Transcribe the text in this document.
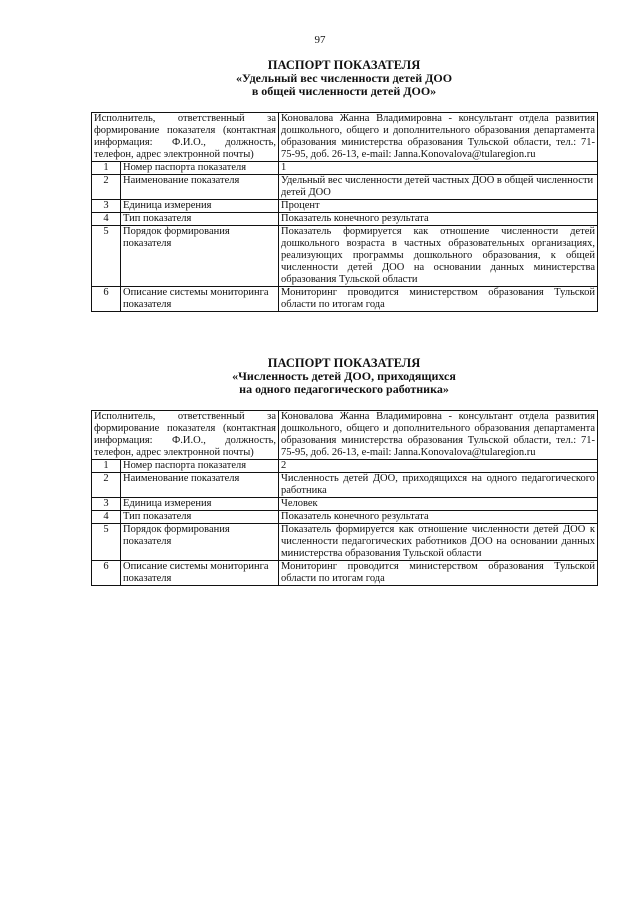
97
ПАСПОРТ ПОКАЗАТЕЛЯ
«Удельный вес численности детей ДОО
в общей численности детей ДОО»
Исполнитель, ответственный за формирование показателя (контактная информация: Ф.И.О., должность, телефон, адрес электронной почты)		Коновалова Жанна Владимировна - консультант отдела развития дошкольного, общего и дополнительного образования департамента образования министерства образования Тульской области, тел.: 71-75-95, доб. 26-13, e-mail: Janna.Konovalova@tularegion.ru
1	Номер паспорта показателя	1
2	Наименование показателя	Удельный вес численности детей частных ДОО в общей численности детей ДОО
3	Единица измерения	Процент
4	Тип показателя	Показатель конечного результата
5	Порядок формирования показателя	Показатель формируется как отношение численности детей дошкольного возраста в частных образовательных организациях, реализующих программы дошкольного образования, к общей численности детей ДОО на основании данных министерства образования Тульской области
6	Описание системы мониторинга показателя	Мониторинг проводится министерством образования Тульской области по итогам года
ПАСПОРТ ПОКАЗАТЕЛЯ
«Численность детей ДОО, приходящихся
на одного педагогического работника»
Исполнитель, ответственный за формирование показателя (контактная информация: Ф.И.О., должность, телефон, адрес электронной почты)		Коновалова Жанна Владимировна - консультант отдела развития дошкольного, общего и дополнительного образования департамента образования министерства образования Тульской области, тел.: 71-75-95, доб. 26-13, e-mail: Janna.Konovalova@tularegion.ru
1	Номер паспорта показателя	2
2	Наименование показателя	Численность детей ДОО, приходящихся на одного педагогического работника
3	Единица измерения	Человек
4	Тип показателя	Показатель конечного результата
5	Порядок формирования показателя	Показатель формируется как отношение численности детей ДОО к численности педагогических работников ДОО на основании данных министерства образования Тульской области
6	Описание системы мониторинга показателя	Мониторинг проводится министерством образования Тульской области по итогам года
